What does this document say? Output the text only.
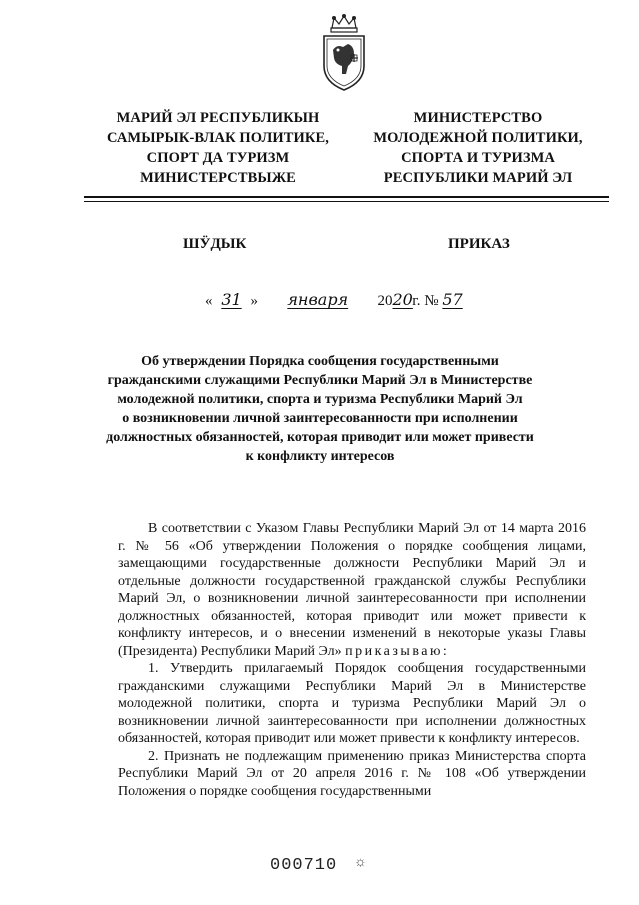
МАРИЙ ЭЛ РЕСПУБЛИКЫН
САМЫРЫК-ВЛАК ПОЛИТИКЕ,
СПОРТ ДА ТУРИЗМ
МИНИСТЕРСТВЫЖЕ
МИНИСТЕРСТВО
МОЛОДЕЖНОЙ ПОЛИТИКИ,
СПОРТА И ТУРИЗМА
РЕСПУБЛИКИ МАРИЙ ЭЛ
ШӰДЫК	ПРИКАЗ
« 31 » января 2020 г. № 57
Об утверждении Порядка сообщения государственными
гражданскими служащими Республики Марий Эл в Министерстве
молодежной политики, спорта и туризма Республики Марий Эл
о возникновении личной заинтересованности при исполнении
должностных обязанностей, которая приводит или может привести
к конфликту интересов

В соответствии с Указом Главы Республики Марий Эл от 14 марта 2016 г. № 56 «Об утверждении Положения о порядке сообщения лицами, замещающими государственные должности Республики Марий Эл и отдельные должности государственной гражданской службы Республики Марий Эл, о возникновении личной заинтересованности при исполнении должностных обязанностей, которая приводит или может привести к конфликту интересов, и о внесении изменений в некоторые указы Главы (Президента) Республики Марий Эл» приказываю:

1. Утвердить прилагаемый Порядок сообщения государственными гражданскими служащими Республики Марий Эл в Министерстве молодежной политики, спорта и туризма Республики Марий Эл о возникновении личной заинтересованности при исполнении должностных обязанностей, которая приводит или может привести к конфликту интересов.

2. Признать не подлежащим применению приказ Министерства спорта Республики Марий Эл от 20 апреля 2016 г. № 108 «Об утверждении Положения о порядке сообщения государственными

000710 ☼
